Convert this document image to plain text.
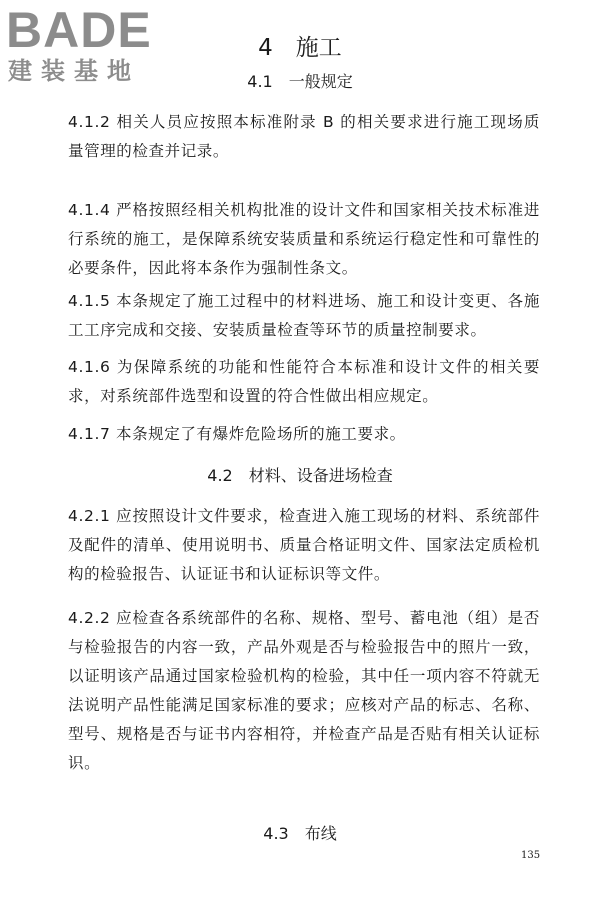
BADE
建装基地
4　施工
4.1　一般规定

4.1.2 相关人员应按照本标准附录 B 的相关要求进行施工现场质量管理的检查并记录。

4.1.4 严格按照经相关机构批准的设计文件和国家相关技术标准进行系统的施工，是保障系统安装质量和系统运行稳定性和可靠性的必要条件，因此将本条作为强制性条文。

4.1.5 本条规定了施工过程中的材料进场、施工和设计变更、各施工工序完成和交接、安装质量检查等环节的质量控制要求。

4.1.6 为保障系统的功能和性能符合本标准和设计文件的相关要求，对系统部件选型和设置的符合性做出相应规定。

4.1.7 本条规定了有爆炸危险场所的施工要求。

4.2　材料、设备进场检查

4.2.1 应按照设计文件要求，检查进入施工现场的材料、系统部件及配件的清单、使用说明书、质量合格证明文件、国家法定质检机构的检验报告、认证证书和认证标识等文件。

4.2.2 应检查各系统部件的名称、规格、型号、蓄电池（组）是否与检验报告的内容一致，产品外观是否与检验报告中的照片一致，以证明该产品通过国家检验机构的检验，其中任一项内容不符就无法说明产品性能满足国家标准的要求；应核对产品的标志、名称、型号、规格是否与证书内容相符，并检查产品是否贴有相关认证标识。

4.3　布线
135
